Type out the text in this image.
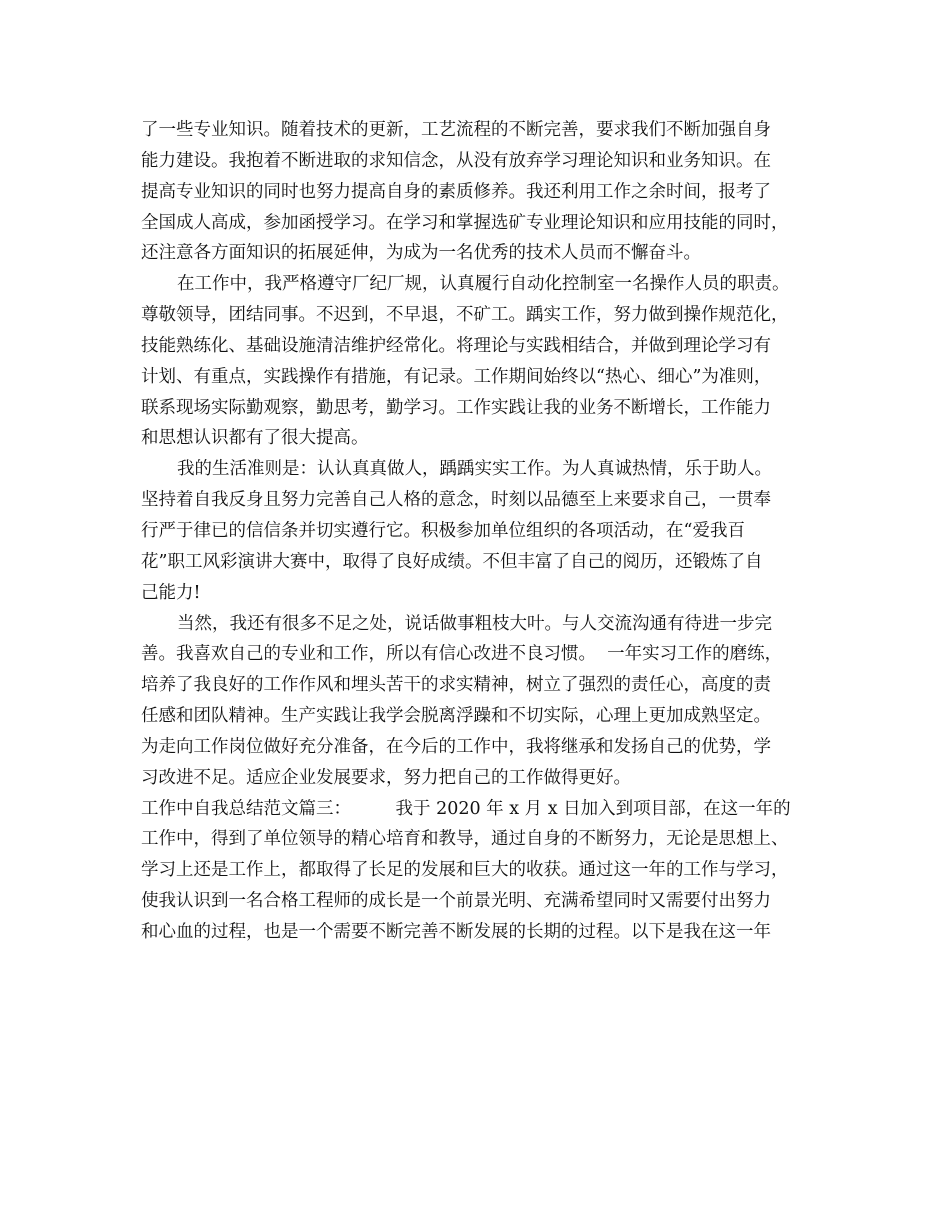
了一些专业知识。随着技术的更新，工艺流程的不断完善，要求我们不断加强自身
能力建设。我抱着不断进取的求知信念，从没有放弃学习理论知识和业务知识。在
提高专业知识的同时也努力提高自身的素质修养。我还利用工作之余时间，报考了
全国成人高成，参加函授学习。在学习和掌握选矿专业理论知识和应用技能的同时，
还注意各方面知识的拓展延伸，为成为一名优秀的技术人员而不懈奋斗。
在工作中，我严格遵守厂纪厂规，认真履行自动化控制室一名操作人员的职责。
尊敬领导，团结同事。不迟到，不早退，不矿工。踽实工作，努力做到操作规范化，
技能熟练化、基础设施清洁维护经常化。将理论与实践相结合，并做到理论学习有
计划、有重点，实践操作有措施，有记录。工作期间始终以“热心、细心”为准则，
联系现场实际勤观察，勤思考，勤学习。工作实践让我的业务不断增长，工作能力
和思想认识都有了很大提高。
我的生活准则是：认认真真做人，踽踽实实工作。为人真诚热情，乐于助人。
坚持着自我反身且努力完善自己人格的意念，时刻以品德至上来要求自己，一贯奉
行严于律已的信信条并切实遵行它。积极参加单位组织的各项活动，在“爱我百
花”职工风彩演讲大赛中，取得了良好成绩。不但丰富了自己的阅历，还锻炼了自
己能力!
当然，我还有很多不足之处，说话做事粗枝大叶。与人交流沟通有待进一步完
善。我喜欢自己的专业和工作，所以有信心改进不良习惯。  一年实习工作的磨练，
培养了我良好的工作作风和埋头苦干的求实精神，树立了强烈的责任心，高度的责
任感和团队精神。生产实践让我学会脱离浮躁和不切实际，心理上更加成熟坚定。
为走向工作岗位做好充分准备，在今后的工作中，我将继承和发扬自己的优势，学
习改进不足。适应企业发展要求，努力把自己的工作做得更好。
工作中自我总结范文篇三：        我于 2020 年 x 月 x 日加入到项目部，在这一年的
工作中，得到了单位领导的精心培育和教导，通过自身的不断努力，无论是思想上、
学习上还是工作上，都取得了长足的发展和巨大的收获。通过这一年的工作与学习，
使我认识到一名合格工程师的成长是一个前景光明、充满希望同时又需要付出努力
和心血的过程，也是一个需要不断完善不断发展的长期的过程。以下是我在这一年
